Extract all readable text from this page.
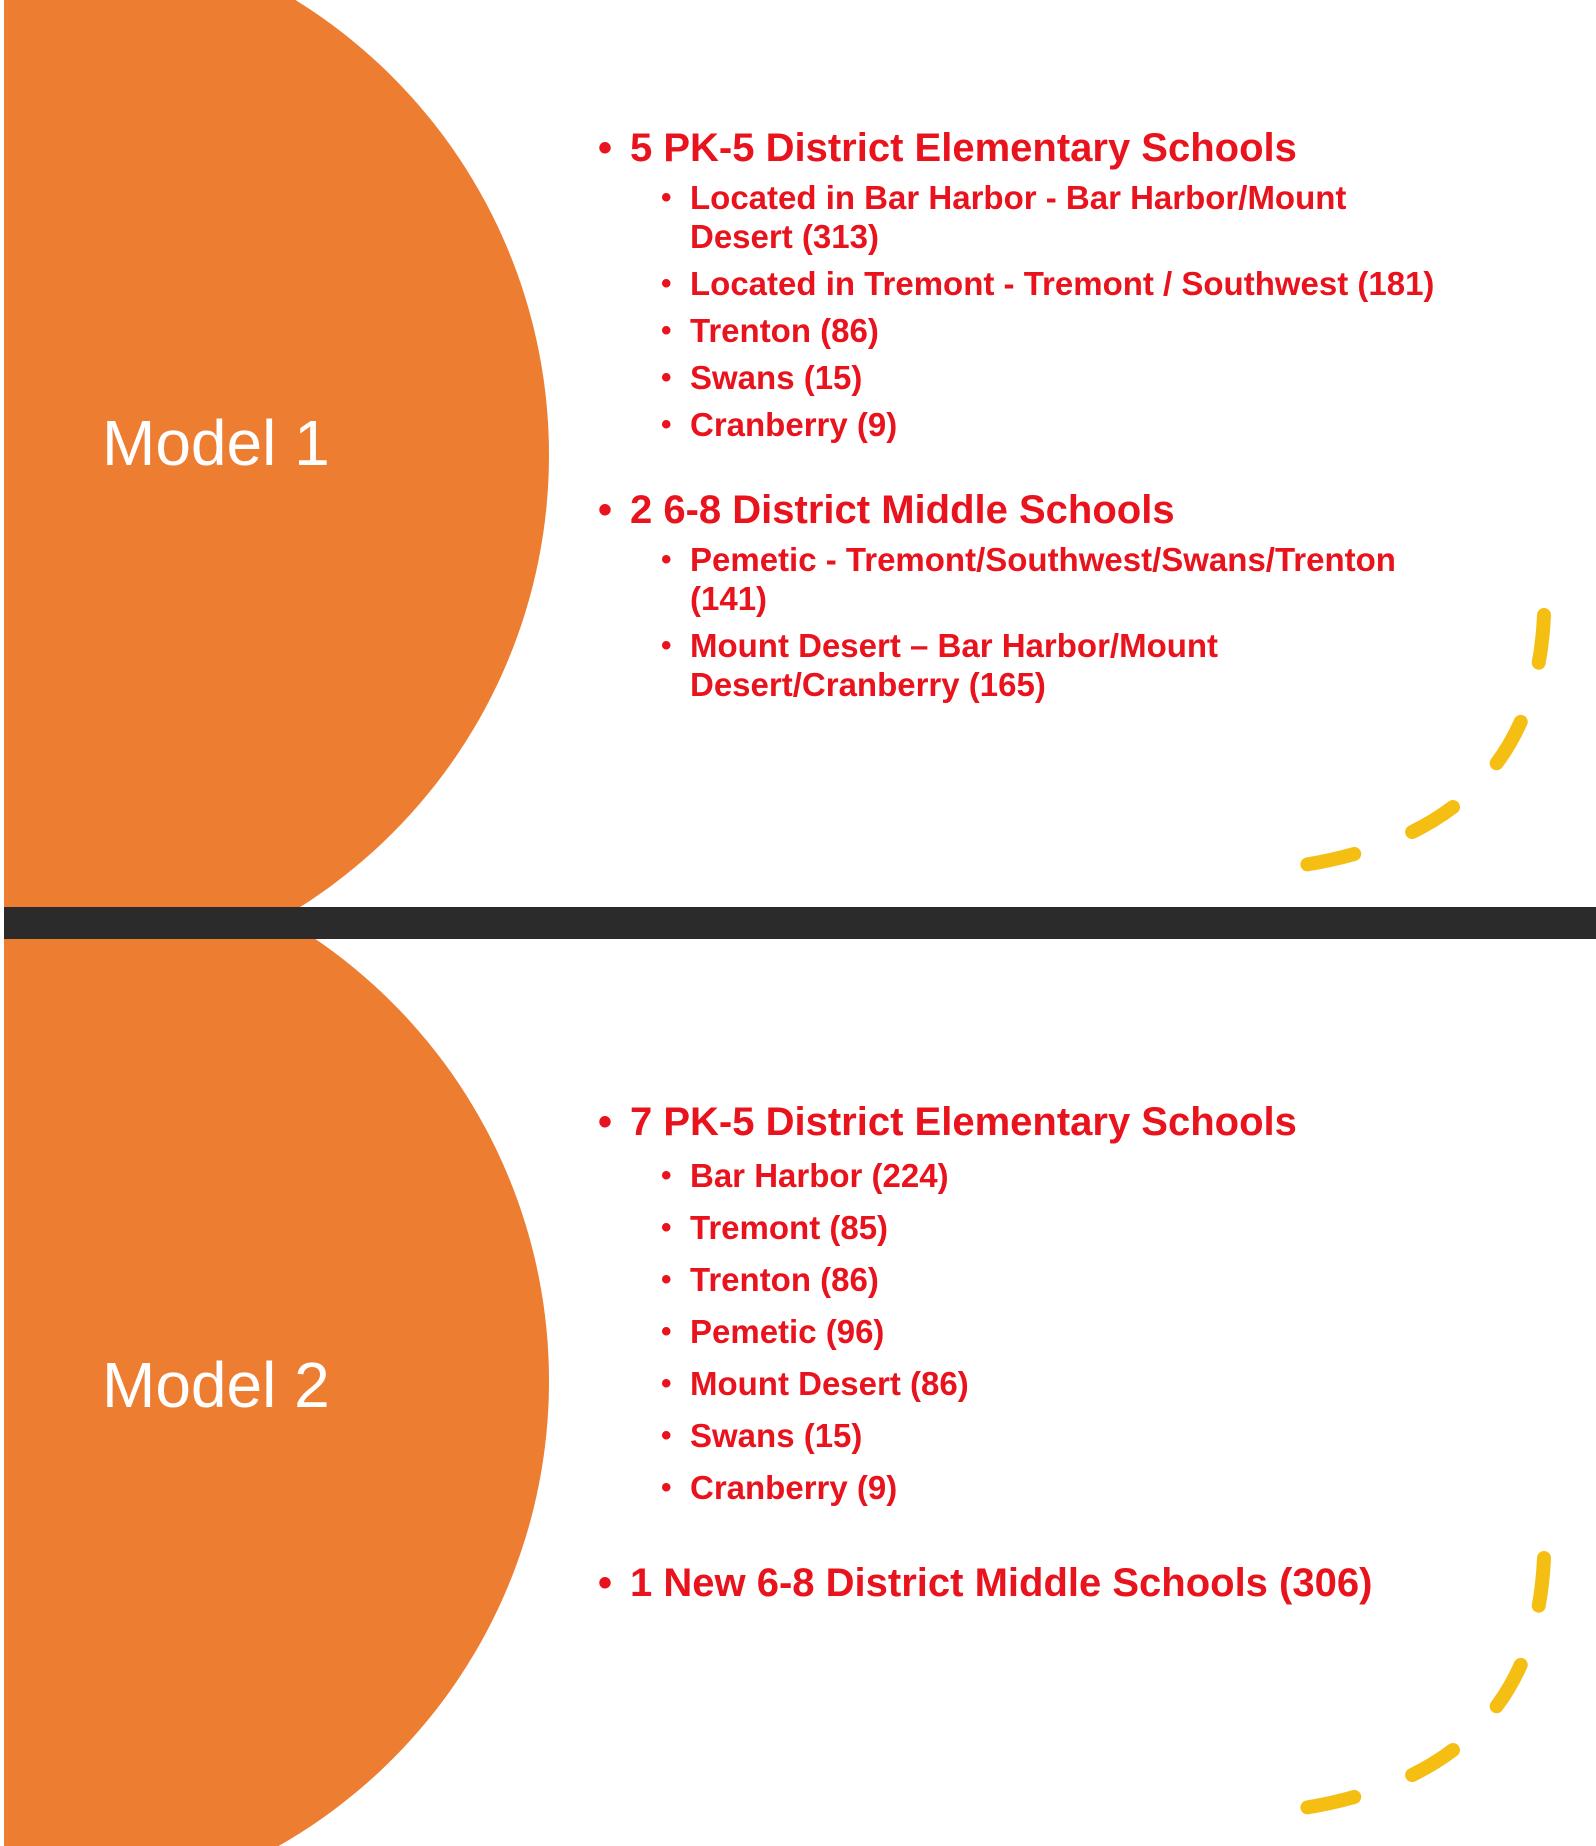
Model 1
• 5 PK-5 District Elementary Schools
• Located in Bar Harbor - Bar Harbor/Mount Desert (313)
• Located in Tremont - Tremont / Southwest (181)
• Trenton (86)
• Swans (15)
• Cranberry (9)
• 2 6-8 District Middle Schools
• Pemetic - Tremont/Southwest/Swans/Trenton (141)
• Mount Desert – Bar Harbor/Mount Desert/Cranberry (165)
Model 2
• 7 PK-5 District Elementary Schools
• Bar Harbor (224)
• Tremont (85)
• Trenton (86)
• Pemetic (96)
• Mount Desert (86)
• Swans (15)
• Cranberry (9)
• 1 New 6-8 District Middle Schools (306)
